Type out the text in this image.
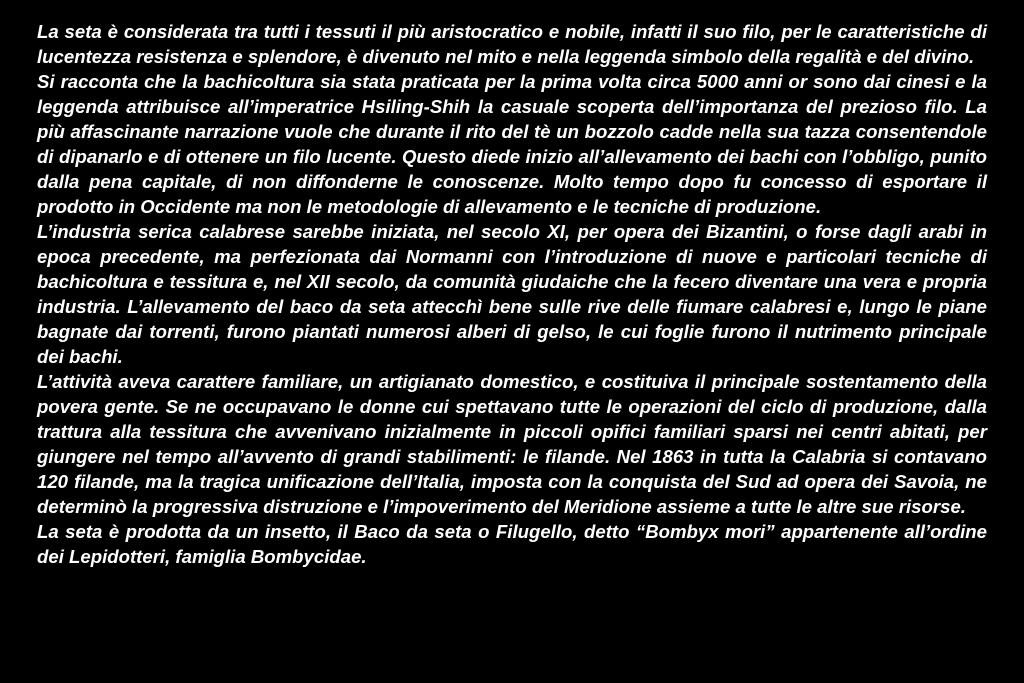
La seta è considerata tra tutti i tessuti il più aristocratico e nobile, infatti il suo filo, per le caratteristiche di lucentezza resistenza e splendore, è divenuto nel mito e nella leggenda simbolo della regalità e del divino.

Si racconta che la bachicoltura sia stata praticata per la prima volta circa 5000 anni or sono dai cinesi e la leggenda attribuisce all’imperatrice Hsiling-Shih la casuale scoperta dell’importanza del prezioso filo. La più affascinante narrazione vuole che durante il rito del tè un bozzolo cadde nella sua tazza consentendole di dipanarlo e di ottenere un filo lucente. Questo diede inizio all’allevamento dei bachi con l’obbligo, punito dalla pena capitale, di non diffonderne le conoscenze. Molto tempo dopo fu concesso di esportare il prodotto in Occidente ma non le metodologie di allevamento e le tecniche di produzione.

L’industria serica calabrese sarebbe iniziata, nel secolo XI, per opera dei Bizantini, o forse dagli arabi in epoca precedente, ma perfezionata dai Normanni con l’introduzione di nuove e particolari tecniche di bachicoltura e tessitura e, nel XII secolo, da comunità giudaiche che la fecero diventare una vera e propria industria. L’allevamento del baco da seta attecchì bene sulle rive delle fiumare calabresi e, lungo le piane bagnate dai torrenti, furono piantati numerosi alberi di gelso, le cui foglie furono il nutrimento principale dei bachi.

L’attività aveva carattere familiare, un artigianato domestico, e costituiva il principale sostentamento della povera gente. Se ne occupavano le donne cui spettavano tutte le operazioni del ciclo di produzione, dalla trattura alla tessitura che avvenivano inizialmente in piccoli opifici familiari sparsi nei centri abitati, per giungere nel tempo all’avvento di grandi stabilimenti: le filande. Nel 1863 in tutta la Calabria si contavano 120 filande, ma la tragica unificazione dell’Italia, imposta con la conquista del Sud ad opera dei Savoia, ne determinò la progressiva distruzione e l’impoverimento del Meridione assieme a tutte le altre sue risorse.

La seta è prodotta da un insetto, il Baco da seta o Filugello, detto “Bombyx mori” appartenente all’ordine dei Lepidotteri, famiglia Bombycidae.
